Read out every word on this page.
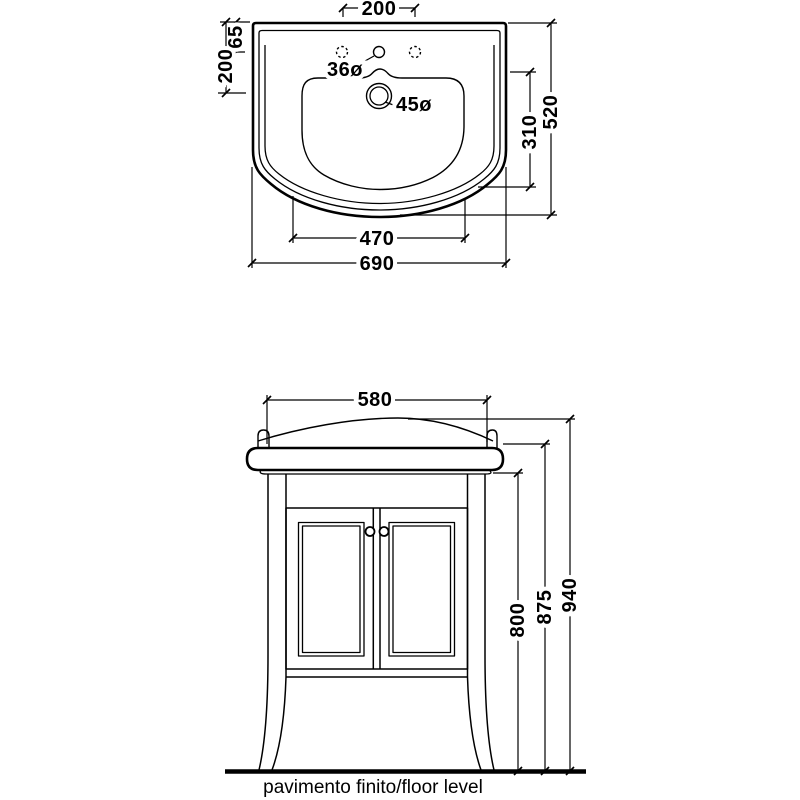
200
65
200	36ø
45ø
310
520
470
690
pavimento finito/floor level
580
800 875 940
